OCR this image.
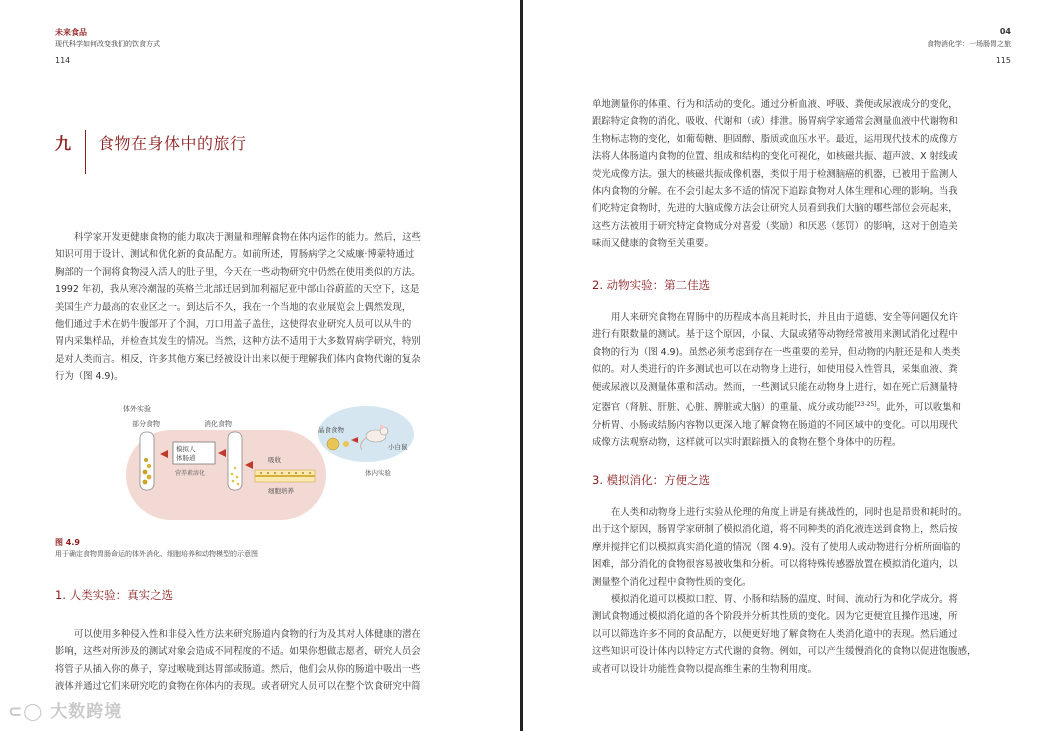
未来食品
现代科学如何改变我们的饮食方式
114
九 食物在身体中的旅行
科学家开发更健康食物的能力取决于测量和理解食物在体内运作的能力。然后，这些
知识可用于设计、测试和优化新的食品配方。如前所述，胃肠病学之父威廉·博蒙特通过
胸部的一个洞将食物浸入活人的肚子里，今天在一些动物研究中仍然在使用类似的方法。
1992 年初，我从寒冷潮湿的英格兰北部迁居到加利福尼亚中部山谷蔚蓝的天空下，这是
美国生产力最高的农业区之一。到达后不久，我在一个当地的农业展览会上偶然发现，
他们通过手术在奶牛腹部开了个洞，刀口用盖子盖住，这使得农业研究人员可以从牛的
胃内采集样品，并检查其发生的情况。当然，这种方法不适用于大多数胃病学研究，特别
是对人类而言。相反，许多其他方案已经被设计出来以便于理解我们体内食物代谢的复杂
行为（图 4.9)。
体外实验
部分食物	消化食物
模拟人
体肠道
营养素溶化
吸收
细胞培养
晶食食物
小白鼠
体内实验
图 4.9
用于确定食物胃肠命运的体外消化、细胞培养和动物模型的示意图
1. 人类实验：真实之选
可以使用多种侵入性和非侵入性方法来研究肠道内食物的行为及其对人体健康的潜在
影响，这些对所涉及的测试对象会造成不同程度的不适。如果你想做志愿者，研究人员会
将管子从插入你的鼻子，穿过喉咙到达胃部或肠道。然后，他们会从你的肠道中吸出一些
液体并通过它们来研究吃的食物在你体内的表现。或者研究人员可以在整个饮食研究中简
⊂◯ 大数跨境
04
食物消化学：一场肠胃之旅
115
单地测量你的体重、行为和活动的变化。通过分析血液、呼吸、粪便或尿液成分的变化，
跟踪特定食物的消化、吸收、代谢和（或）排泄。肠胃病学家通常会测量血液中代谢物和
生物标志物的变化，如葡萄糖、胆固醇、脂质或血压水平。最近，运用现代技术的成像方
法将人体肠道内食物的位置、组成和结构的变化可视化，如核磁共振、超声波、X 射线或
荧光成像方法。强大的核磁共振成像机器，类似于用于检测脑癌的机器，已被用于监测人
体内食物的分解。在不会引起太多不适的情况下追踪食物对人体生理和心理的影响。当我
们吃特定食物时，先进的大脑成像方法会让研究人员看到我们大脑的哪些部位会亮起来，
这些方法被用于研究特定食物成分对喜爱（奖励）和厌恶（惩罚）的影响，这对于创造美
味而又健康的食物至关重要。
2. 动物实验：第二佳选
用人来研究食物在胃肠中的历程成本高且耗时长，并且由于道德、安全等问题仅允许
进行有限数量的测试。基于这个原因，小鼠、大鼠或猪等动物经常被用来测试消化过程中
食物的行为（图 4.9)。虽然必须考虑到存在一些重要的差异，但动物的内脏还是和人类类
似的。对人类进行的许多测试也可以在动物身上进行，如使用侵入性管具，采集血液、粪
便或尿液以及测量体重和活动。然而，一些测试只能在动物身上进行，如在死亡后测量特
定器官（肾脏、肝脏、心脏、脾脏或大脑）的重量、成分或功能[23-25]。此外，可以收集和
分析胃、小肠或结肠内容物以更深入地了解食物在肠道的不同区域中的变化。可以用现代
成像方法观察动物，这样就可以实时跟踪摄入的食物在整个身体中的历程。
3. 模拟消化：方便之选
在人类和动物身上进行实验从伦理的角度上讲是有挑战性的，同时也是昂贵和耗时的。
出于这个原因，肠胃学家研制了模拟消化道，将不同种类的消化液连送到食物上，然后按
摩并搅拌它们以模拟真实消化道的情况（图 4.9)。没有了使用人或动物进行分析所面临的
困难，部分消化的食物很容易被收集和分析。可以将特殊传感器放置在模拟消化道内，以
测量整个消化过程中食物性质的变化。
模拟消化道可以模拟口腔、胃、小肠和结肠的温度、时间、流动行为和化学成分。将
测试食物通过模拟消化道的各个阶段并分析其性质的变化。因为它更便宜且操作迅速，所
以可以筛选许多不同的食品配方，以便更好地了解食物在人类消化道中的表现。然后通过
这些知识可设计体内以特定方式代谢的食物。例如，可以产生缓慢消化的食物以促进饱腹感，
或者可以设计功能性食物以提高维生素的生物利用度。
